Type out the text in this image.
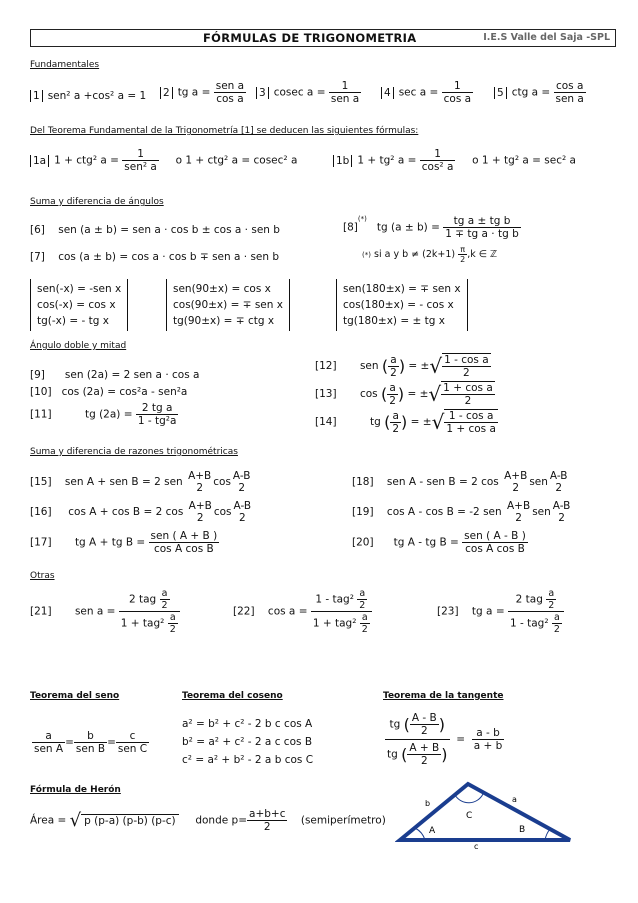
FÓRMULAS DE TRIGONOMETRIA	I.E.S Valle del Saja -SPL
Fundamentales
1 sen² a +cos² a = 1 2 tg $a = \frac{\text{sen a}}{\text{cos a}} 3$ cosec $a = \frac{1}{\text{sen a}} 4$ $\sec a = \frac{1}{\text{cos a}} 5$ ctg $a = \frac{\text{cos a}}{\text{sen a}}$
Del Teorema Fundamental de la Trigonometría [1] se deducen las siguientes fórmulas:
1a 1 + ctg² $a = \frac{1}{\text{sen² a}}$ o 1 + ctg² a = cosec² a	1b 1 + tg² $a = \frac{1}{\text{cos² a}}$ o 1 + tg² a = sec² a
Suma y diferencia de ángulos
[6] sen (a ± b) = sen a · cos b ± cos a · sen b
[7] cos (a ± b) = cos a · cos b ∓ sen a · sen b
[8](*)   tg $(a \pm b) = \frac{\text{tg a ± tg b}}{\text{1 ∓ tg a · tg b}}$
(*) si a y $b \ne (2k+1) \frac{\pi}{2} ,k$ ∈ ℤ
sen(-x) = -sen x
cos(-x) = cos x
tg(-x) = - tg x
sen(90±x) = cos x
cos(90±x) = ∓ sen x
tg(90±x) = ∓ ctg x
sen(180±x) = ∓ sen x
cos(180±x) = - cos x
tg(180±x) = ± tg x
Ángulo doble y mitad
[9] sen (2a) = 2 sen a · cos a
[10] cos (2a) = cos²a - sen²a
[11]	tg $(2a) = \frac{\text{2 tg a}}{\text{1 - tg²a}}$
[12] sen ( $\frac{a}{2}$ ) = ±√ $\frac{\text{1 - cos a}}{2}$
[13] cos ( $\frac{a}{2}$ ) = ±√ $\frac{\text{1 + cos a}}{2}$
[14]	tg ( $\frac{a}{2}$ ) = ±√ $\frac{\text{1 - cos a}}{\text{1 + cos a}}$
Suma y diferencia de razones trigonométricas
[15] sen A + sen B = 2 sen A+B
2 cos A-B
2
[16] cos A + cos B = 2 cos A+B
2 cos A-B
2
[17] tg A + tg $B = \frac{\text{sen ( A + B )}}{\text{cos A cos B}}$
[18] sen A - sen B = 2 cos A+B
2 sen A-B
2
[19] cos A - cos B = -2 sen A+B
2 sen A-B
2
[20] tg A - tg $B = \frac{\text{sen ( A - B )}}{\text{cos A cos B}}$
Otras
[21] sen $a = \frac{2 tag \frac{a}{2}}{1 + tag^2 \frac{a}{2}}$	[22] $\cos a = \frac{1 - tag^2 \frac{a}{2}}{1 + tag^2 \frac{a}{2}}$	[23] tg $a = \frac{2 tag \frac{a}{2}}{1 - tag^2 \frac{a}{2}}$
Teorema del seno	Teorema del coseno	Teorema de la tangente
$\frac{a}{\text{sen A}} = \frac{b}{\text{sen B}} = \frac{c}{\text{sen C}}$
a² = b² + c² - 2 b c cos A
b² = a² + c² - 2 a c cos B
c² = a² + b² - 2 a b cos C	$\frac{tg ( \frac{A - B}{2} )}{tg ( \frac{A + B}{2} )} = \frac{a - b}{a + b}$
Fórmula de Herón
Área = √ p (p-a) (p-b) (p-c) donde $p= \frac{a+b+c}{2}$ (semiperímetro)
A	B
C
b	a
c
